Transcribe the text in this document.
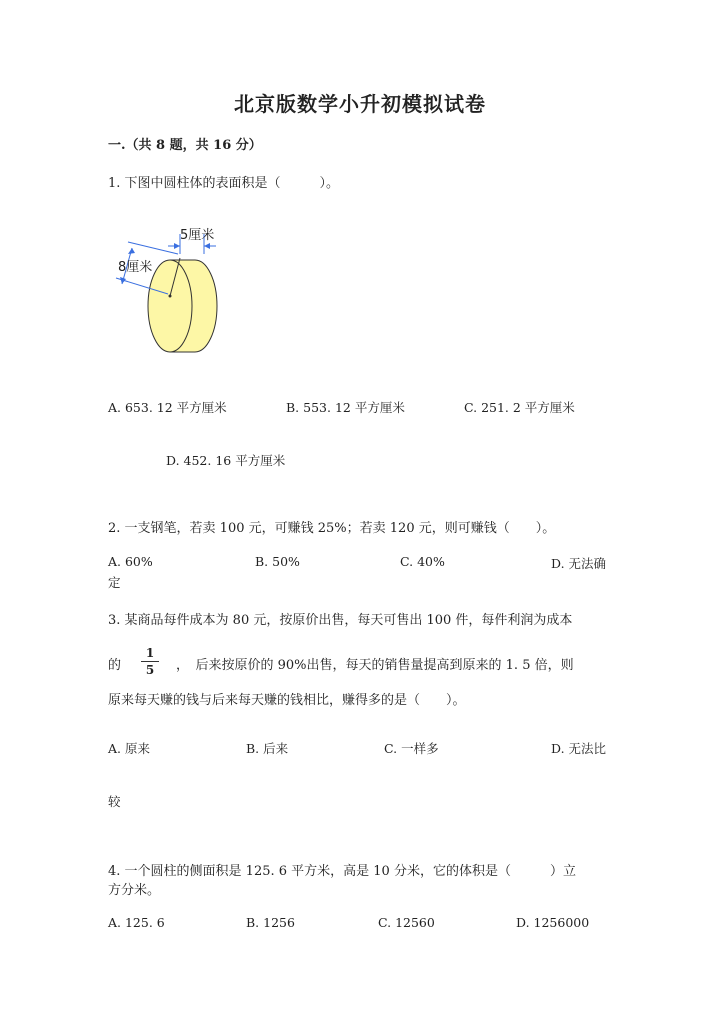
北京版数学小升初模拟试卷
一.（共 8 题，共 16 分）
1. 下图中圆柱体的表面积是（　　　）。
5厘米
8厘米
A. 653. 12 平方厘米	B. 553. 12 平方厘米	C. 251. 2 平方厘米
D. 452. 16 平方厘米
2. 一支钢笔，若卖 100 元，可赚钱 25%；若卖 120 元，则可赚钱（　　）。
A. 60%	B. 50%	C. 40%	D. 无法确
定
3. 某商品每件成本为 80 元，按原价出售，每天可售出 100 件，每件利润为成本
的
1
5	，　后来按原价的 90%出售，每天的销售量提高到原来的 1. 5 倍，则
原来每天赚的钱与后来每天赚的钱相比，赚得多的是（　　）。
A. 原来	B. 后来	C. 一样多	D. 无法比
较
4. 一个圆柱的侧面积是 125. 6 平方米，高是 10 分米，它的体积是（　　　）立
方分米。
A. 125. 6	B. 1256	C. 12560	D. 1256000
